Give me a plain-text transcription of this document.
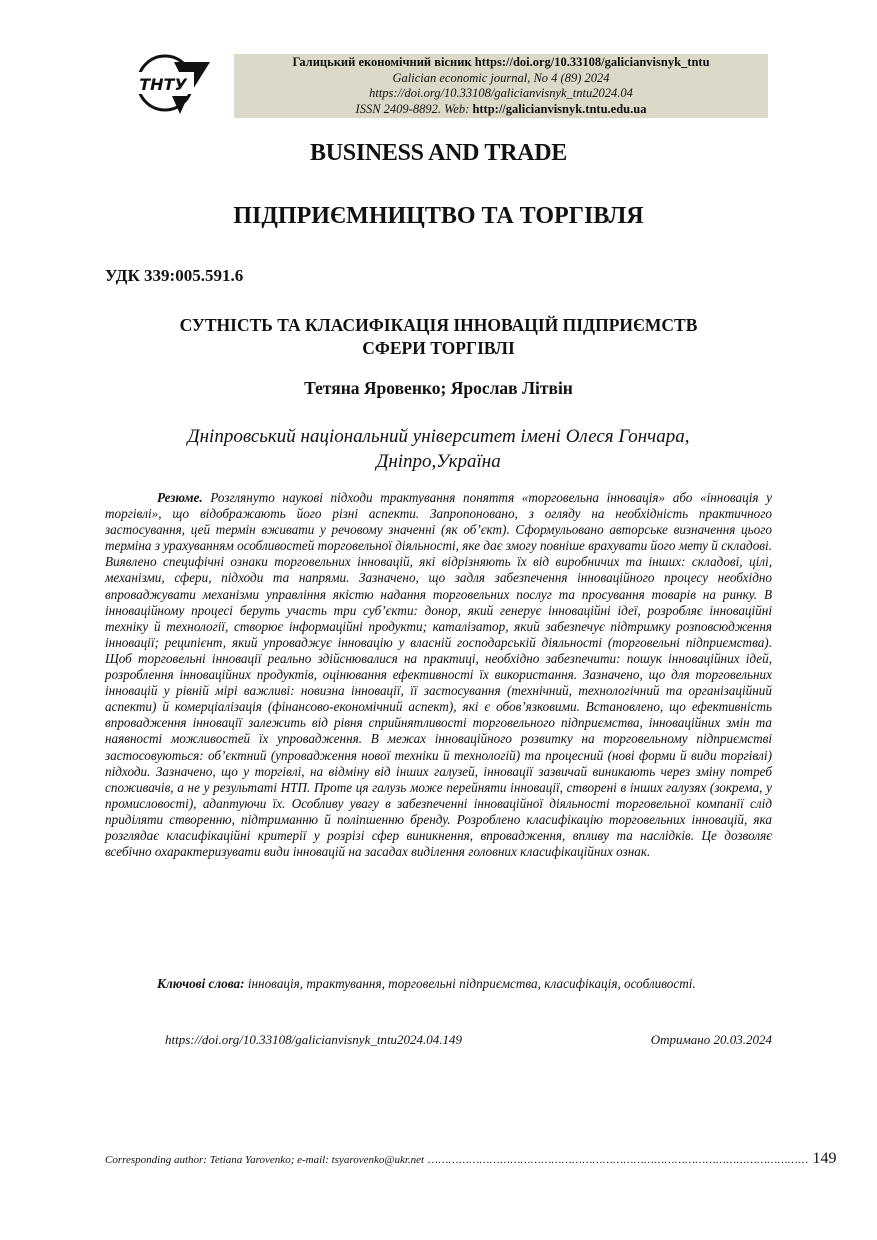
ТНТУ
Галицький економічний вісник https://doi.org/10.33108/galicianvisnyk_tntu
Galician economic journal, No 4 (89) 2024
https://doi.org/10.33108/galicianvisnyk_tntu2024.04
ISSN 2409-8892. Web: http://galicianvisnyk.tntu.edu.ua
BUSINESS AND TRADE
ПІДПРИЄМНИЦТВО ТА ТОРГІВЛЯ
УДК 339:005.591.6
СУТНІСТЬ ТА КЛАСИФІКАЦІЯ ІННОВАЦІЙ ПІДПРИЄМСТВ
СФЕРИ ТОРГІВЛІ
Тетяна Яровенко; Ярослав Літвін
Дніпровський національний університет імені Олеся Гончара,
Дніпро,Україна

Резюме. Розглянуто наукові підходи трактування поняття «торговельна інновація» або «інновація у торгівлі», що відображають його різні аспекти. Запропоновано, з огляду на необхідність практичного застосування, цей термін вживати у речовому значенні (як об’єкт). Сформульовано авторське визначення цього терміна з урахуванням особливостей торговельної діяльності, яке дає змогу повніше врахувати його мету й складові. Виявлено специфічні ознаки торговельних інновацій, які відрізняють їх від виробничих та інших: складові, цілі, механізми, сфери, підходи та напрями. Зазначено, що задля забезпечення інноваційного процесу необхідно впроваджувати механізми управління якістю надання торговельних послуг та просування товарів на ринку. В інноваційному процесі беруть участь три суб’єкти: донор, який генерує інноваційні ідеї, розробляє інноваційні техніку й технології, створює інформаційні продукти; каталізатор, який забезпечує підтримку розповсюдження інновації; реципієнт, який упроваджує інновацію у власній господарській діяльності (торговельні підприємства). Щоб торговельні інновації реально здійснювалися на практиці, необхідно забезпечити: пошук інноваційних ідей, розроблення інноваційних продуктів, оцінювання ефективності їх використання. Зазначено, що для торговельних інновацій у рівній мірі важливі: новизна інновації, її застосування (технічний, технологічний та організаційний аспекти) й комерціалізація (фінансово-економічний аспект), які є обов’язковими. Встановлено, що ефективність впровадження інновації залежить від рівня сприйнятливості торговельного підприємства, інноваційних змін та наявності можливостей їх упровадження. В межах інноваційного розвитку на торговельному підприємстві застосовуються: об’єктний (упровадження нової техніки й технологій) та процесний (нові форми й види торгівлі) підходи. Зазначено, що у торгівлі, на відміну від інших галузей, інновації зазвичай виникають через зміну потреб споживачів, а не у результаті НТП. Проте ця галузь може перейняти інновації, створені в інших галузях (зокрема, у промисловості), адаптуючи їх. Особливу увагу в забезпеченні інноваційної діяльності торговельної компанії слід приділяти створенню, підтриманню й поліпшенню бренду. Розроблено класифікацію торговельних інновацій, яка розглядає класифікаційні критерії у розрізі сфер виникнення, впровадження, впливу та наслідків. Це дозволяє всебічно охарактеризувати види інновацій на засадах виділення головних класифікаційних ознак.

Ключові слова: інновація, трактування, торговельні підприємства, класифікація, особливості.

https://doi.org/10.33108/galicianvisnyk_tntu2024.04.149	Отримано 20.03.2024
Corresponding author: Tetiana Yarovenko; e-mail: tsyarovenko@ukr.net ………………………………………………………………………………………………… 149
